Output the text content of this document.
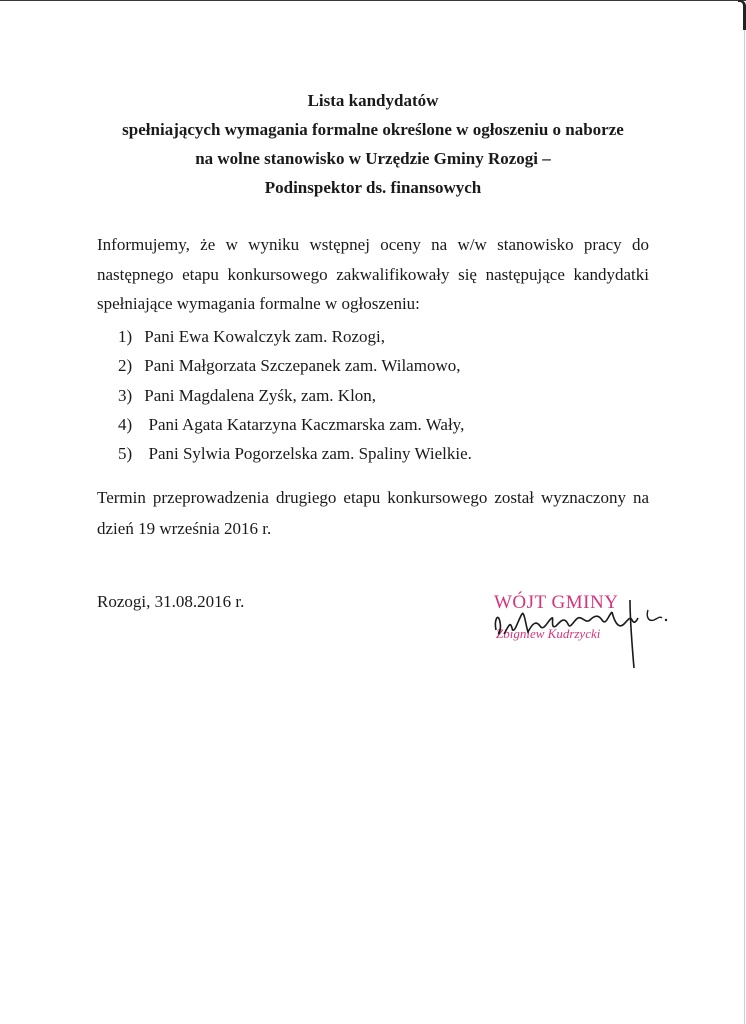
Lista kandydatów
spełniających wymagania formalne określone w ogłoszeniu o naborze
na wolne stanowisko w Urzędzie Gminy Rozogi –
Podinspektor ds. finansowych
Informujemy, że w wyniku wstępnej oceny na w/w stanowisko pracy do
następnego etapu konkursowego zakwalifikowały się następujące kandydatki
spełniające wymagania formalne w ogłoszeniu:
1) Pani Ewa Kowalczyk zam. Rozogi,
2) Pani Małgorzata Szczepanek zam. Wilamowo,
3) Pani Magdalena Zyśk, zam. Klon,
4) Pani Agata Katarzyna Kaczmarska zam. Wały,
5) Pani Sylwia Pogorzelska zam. Spaliny Wielkie.
Termin przeprowadzenia drugiego etapu konkursowego został wyznaczony na
dzień 19 września 2016 r.
Rozogi, 31.08.2016 r.	WÓJT GMINY
Zbigniew Kudrzycki
